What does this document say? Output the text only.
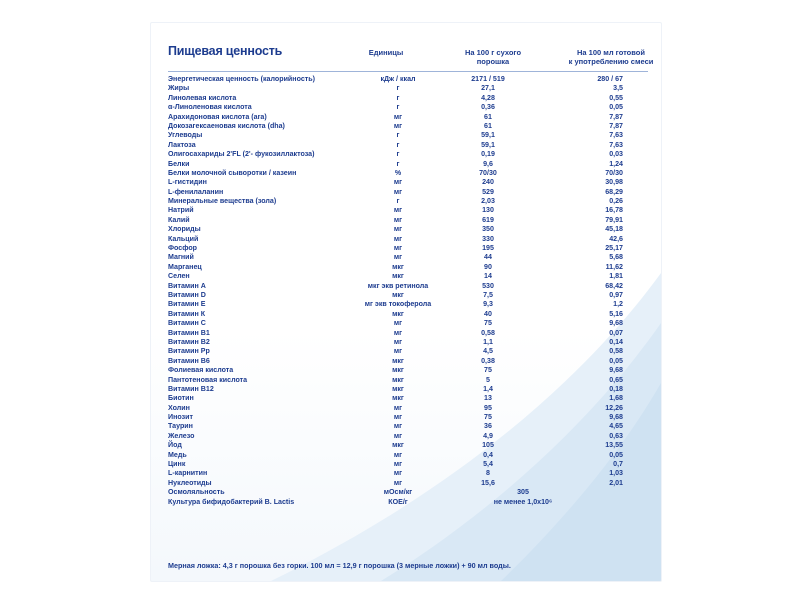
Пищевая ценность	Единицы	На 100 г сухого
порошка
На 100 мл готовой
к употреблению смеси
Энергетическая ценность (калорийность)	кДж / ккал	2171 / 519	280 / 67
Жиры	г	27,1	3,5
Линолевая кислота	г	4,28	0,55
α-Линоленовая кислота	г	0,36	0,05
Арахидоновая кислота (ara)	мг	61	7,87
Докозагексаеновая кислота (dha)	мг	61	7,87
Углеводы	г	59,1	7,63
Лактоза	г	59,1	7,63
Олигосахариды 2'FL (2'- фукозиллактоза)	г	0,19	0,03
Белки	г	9,6	1,24
Белки молочной сыворотки / казеин	%	70/30	70/30
L-гистидин	мг	240	30,98
L-фенилаланин	мг	529	68,29
Минеральные вещества (зола)	г	2,03	0,26
Натрий	мг	130	16,78
Калий	мг	619	79,91
Хлориды	мг	350	45,18
Кальций	мг	330	42,6
Фосфор	мг	195	25,17
Магний	мг	44	5,68
Марганец	мкг	90	11,62
Селен	мкг	14	1,81
Витамин А	мкг экв ретинола	530	68,42
Витамин D	мкг	7,5	0,97
Витамин Е	мг экв токоферола	9,3	1,2
Витамин К	мкг	40	5,16
Витамин С	мг	75	9,68
Витамин В1	мг	0,58	0,07
Витамин В2	мг	1,1	0,14
Витамин Рр	мг	4,5	0,58
Витамин В6	мкг	0,38	0,05
Фолиевая кислота	мкг	75	9,68
Пантотеновая кислота	мкг	5	0,65
Витамин В12	мкг	1,4	0,18
Биотин	мкг	13	1,68
Холин	мг	95	12,26
Инозит	мг	75	9,68
Таурин	мг	36	4,65
Железо	мг	4,9	0,63
Йод	мкг	105	13,55
Медь	мг	0,4	0,05
Цинк	мг	5,4	0,7
L-карнитин	мг	8	1,03
Нуклеотиды	мг	15,6	2,01
Осмоляльность	мОсм/кг	305
Культура бифидобактерий B. Lactis	КОЕ/г	не менее 1,0x10⁶
Мерная ложка: 4,3 г порошка без горки. 100 мл = 12,9 г порошка (3 мерные ложки) + 90 мл воды.
